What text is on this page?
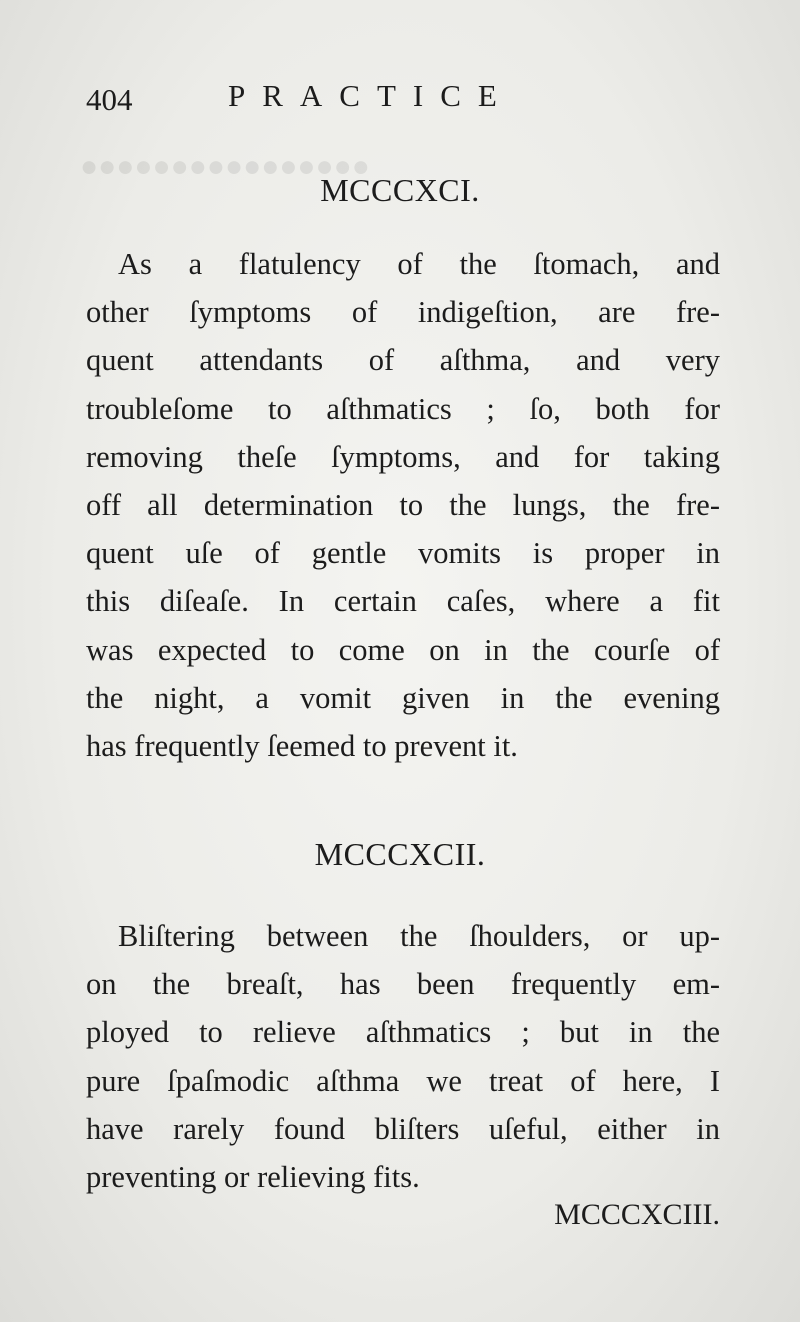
●●●●●●●●●●●●●●●●
404	PRACTICE
MCCCXCI.
As a flatulency of the ſtomach, and
other ſymptoms of indigeſtion, are fre-
quent attendants of aſthma, and very
troubleſome to aſthmatics ; ſo, both for
removing theſe ſymptoms, and for taking
off all determination to the lungs, the fre-
quent uſe of gentle vomits is proper in
this diſeaſe. In certain caſes, where a fit
was expected to come on in the courſe of
the night, a vomit given in the evening
has frequently ſeemed to prevent it.
MCCCXCII.
Bliſtering between the ſhoulders, or up-
on the breaſt, has been frequently em-
ployed to relieve aſthmatics ; but in the
pure ſpaſmodic aſthma we treat of here, I
have rarely found bliſters uſeful, either in
preventing or relieving fits.
MCCCXCIII.
